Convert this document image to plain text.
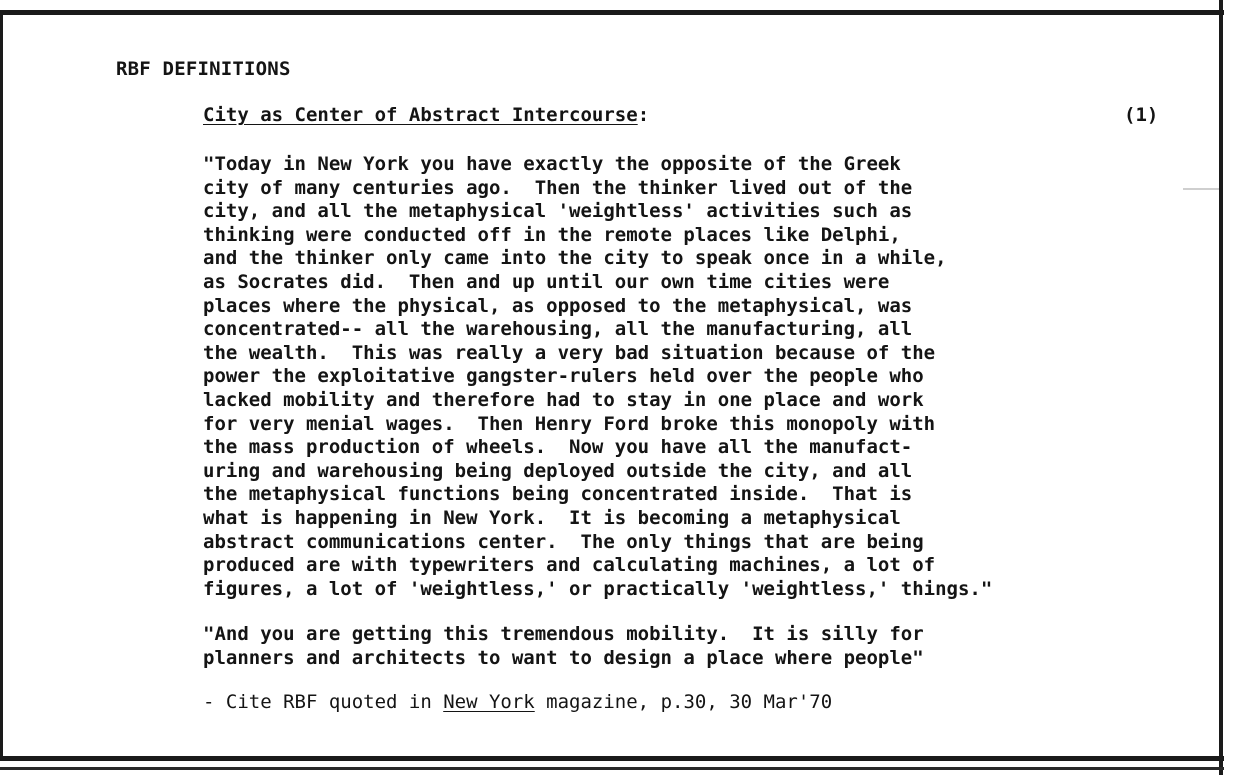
RBF DEFINITIONS
City as Center of Abstract Intercourse:	(1)
"Today in New York you have exactly the opposite of the Greek
city of many centuries ago.  Then the thinker lived out of the
city, and all the metaphysical 'weightless' activities such as
thinking were conducted off in the remote places like Delphi,
and the thinker only came into the city to speak once in a while,
as Socrates did.  Then and up until our own time cities were
places where the physical, as opposed to the metaphysical, was
concentrated-- all the warehousing, all the manufacturing, all
the wealth.  This was really a very bad situation because of the
power the exploitative gangster-rulers held over the people who
lacked mobility and therefore had to stay in one place and work
for very menial wages.  Then Henry Ford broke this monopoly with
the mass production of wheels.  Now you have all the manufact-
uring and warehousing being deployed outside the city, and all
the metaphysical functions being concentrated inside.  That is
what is happening in New York.  It is becoming a metaphysical
abstract communications center.  The only things that are being
produced are with typewriters and calculating machines, a lot of
figures, a lot of 'weightless,' or practically 'weightless,' things."
"And you are getting this tremendous mobility.  It is silly for
planners and architects to want to design a place where people"
- Cite RBF quoted in New York magazine, p.30, 30 Mar'70
